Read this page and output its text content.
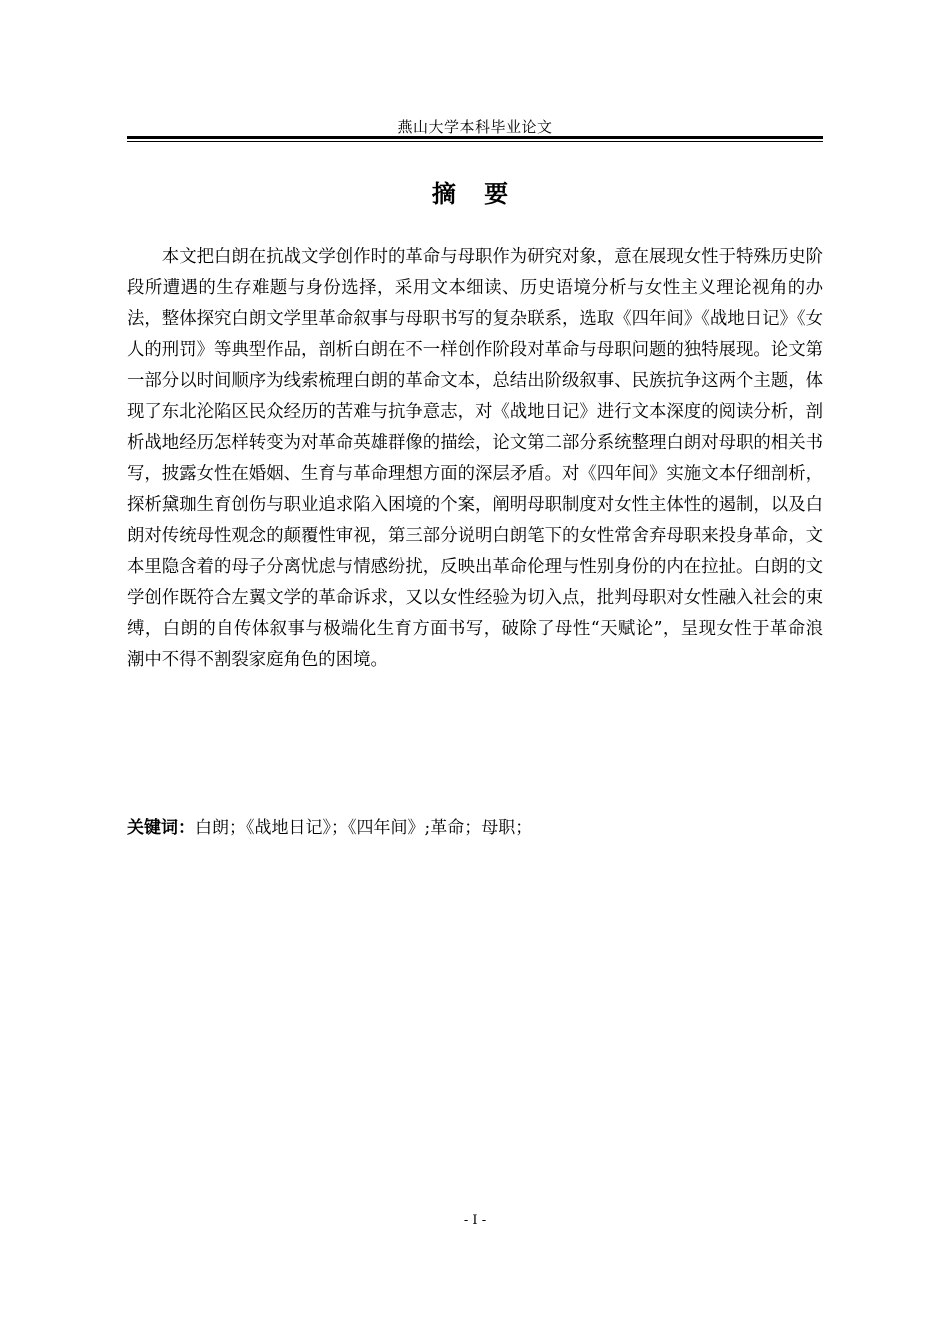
燕山大学本科毕业论文
摘 要

本文把白朗在抗战文学创作时的革命与母职作为研究对象，意在展现女性于特殊历史阶段所遭遇的生存难题与身份选择，采用文本细读、历史语境分析与女性主义理论视角的办法，整体探究白朗文学里革命叙事与母职书写的复杂联系，选取《四年间》《战地日记》《女人的刑罚》等典型作品，剖析白朗在不一样创作阶段对革命与母职问题的独特展现。论文第一部分以时间顺序为线索梳理白朗的革命文本，总结出阶级叙事、民族抗争这两个主题，体现了东北沦陷区民众经历的苦难与抗争意志，对《战地日记》进行文本深度的阅读分析，剖析战地经历怎样转变为对革命英雄群像的描绘，论文第二部分系统整理白朗对母职的相关书写，披露女性在婚姻、生育与革命理想方面的深层矛盾。对《四年间》实施文本仔细剖析，探析黛珈生育创伤与职业追求陷入困境的个案，阐明母职制度对女性主体性的遏制，以及白朗对传统母性观念的颠覆性审视，第三部分说明白朗笔下的女性常舍弃母职来投身革命，文本里隐含着的母子分离忧虑与情感纷扰，反映出革命伦理与性别身份的内在拉扯。白朗的文学创作既符合左翼文学的革命诉求，又以女性经验为切入点，批判母职对女性融入社会的束缚，白朗的自传体叙事与极端化生育方面书写，破除了母性“天赋论”，呈现女性于革命浪潮中不得不割裂家庭角色的困境。

关键词：白朗；《战地日记》；《四年间》;革命；母职；
- I -
